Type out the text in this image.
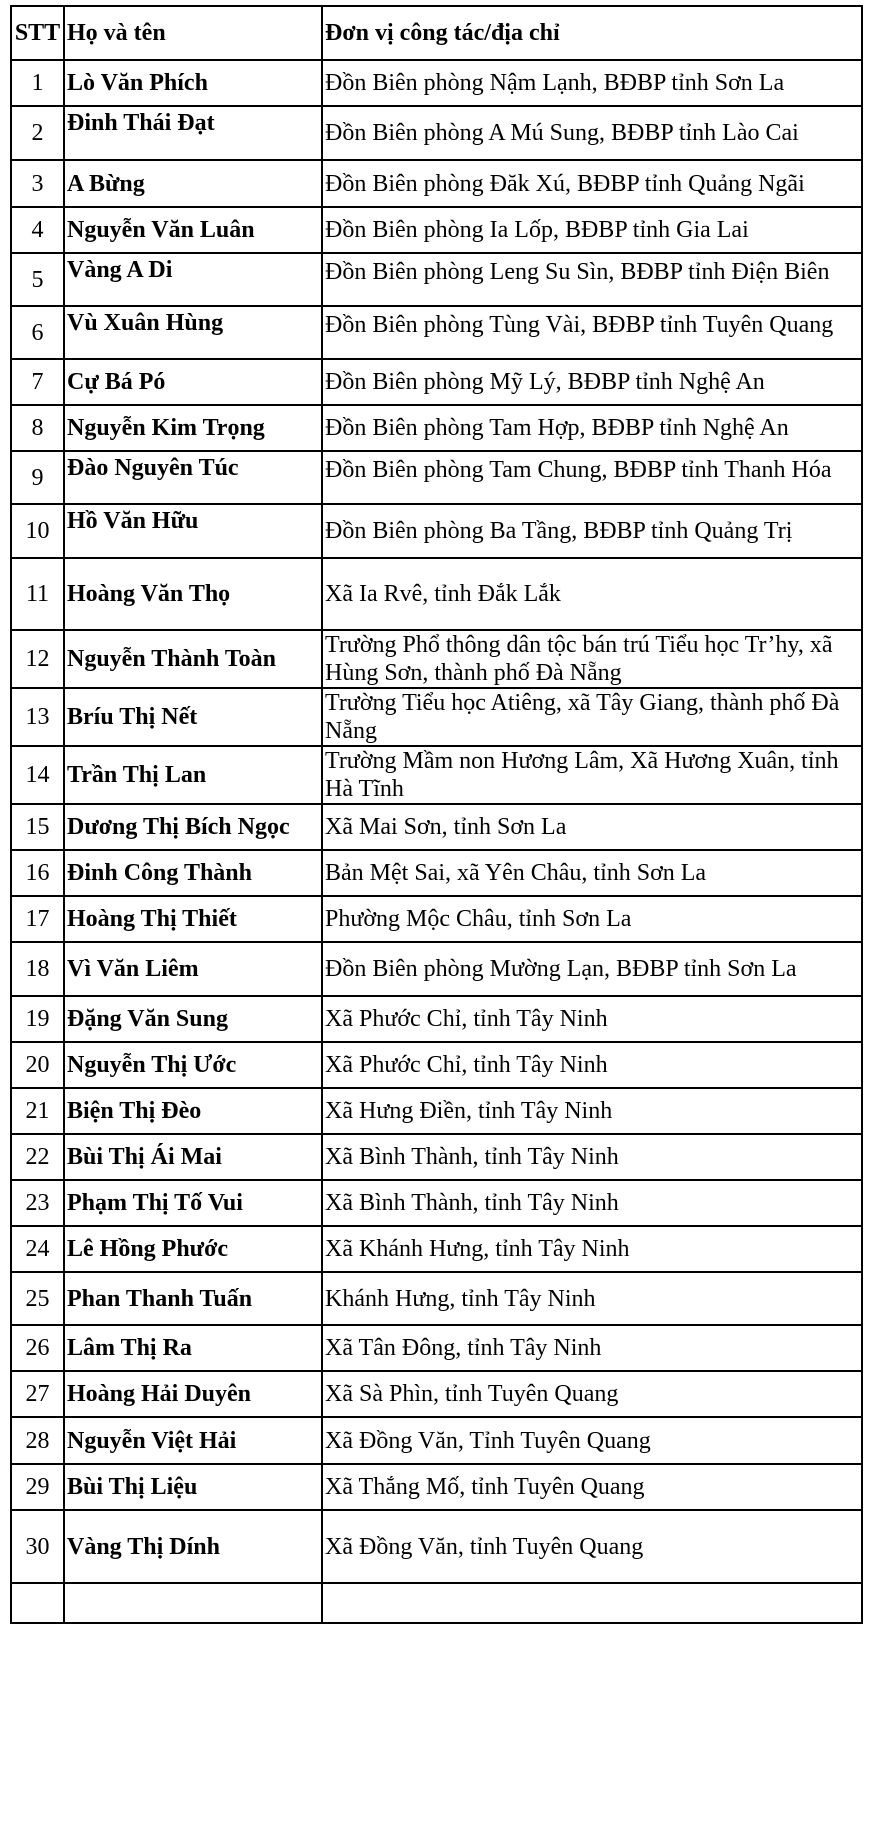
STT	Họ và tên	Đơn vị công tác/địa chỉ
1	Lò Văn Phích	Đồn Biên phòng Nậm Lạnh, BĐBP tỉnh Sơn La
2	Đinh Thái Đạt	Đồn Biên phòng A Mú Sung, BĐBP tỉnh Lào Cai
3	A Bừng	Đồn Biên phòng Đăk Xú, BĐBP tỉnh Quảng Ngãi
4	Nguyễn Văn Luân	Đồn Biên phòng Ia Lốp, BĐBP tỉnh Gia Lai
5	Vàng A Di	Đồn Biên phòng Leng Su Sìn, BĐBP tỉnh Điện Biên
6	Vù Xuân Hùng	Đồn Biên phòng Tùng Vài, BĐBP tỉnh Tuyên Quang
7	Cự Bá Pó	Đồn Biên phòng Mỹ Lý, BĐBP tỉnh Nghệ An
8	Nguyễn Kim Trọng	Đồn Biên phòng Tam Hợp, BĐBP tỉnh Nghệ An
9	Đào Nguyên Túc	Đồn Biên phòng Tam Chung, BĐBP tỉnh Thanh Hóa
10	Hồ Văn Hữu	Đồn Biên phòng Ba Tầng, BĐBP tỉnh Quảng Trị
11	Hoàng Văn Thọ	Xã Ia Rvê, tỉnh Đắk Lắk
12	Nguyễn Thành Toàn	Trường Phổ thông dân tộc bán trú Tiểu học Tr’hy, xã Hùng Sơn, thành phố Đà Nẵng
13	Bríu Thị Nết	Trường Tiểu học Atiêng, xã Tây Giang, thành phố Đà Nẵng
14	Trần Thị Lan	Trường Mầm non Hương Lâm, Xã Hương Xuân, tỉnh Hà Tĩnh
15	Dương Thị Bích Ngọc	Xã Mai Sơn, tỉnh Sơn La
16	Đinh Công Thành	Bản Mệt Sai, xã Yên Châu, tỉnh Sơn La
17	Hoàng Thị Thiết	Phường Mộc Châu, tỉnh Sơn La
18	Vì Văn Liêm	Đồn Biên phòng Mường Lạn, BĐBP tỉnh Sơn La
19	Đặng Văn Sung	Xã Phước Chỉ, tỉnh Tây Ninh
20	Nguyễn Thị Ước	Xã Phước Chỉ, tỉnh Tây Ninh
21	Biện Thị Đèo	Xã Hưng Điền, tỉnh Tây Ninh
22	Bùi Thị Ái Mai	Xã Bình Thành, tỉnh Tây Ninh
23	Phạm Thị Tố Vui	Xã Bình Thành, tỉnh Tây Ninh
24	Lê Hồng Phước	Xã Khánh Hưng, tỉnh Tây Ninh
25	Phan Thanh Tuấn	Khánh Hưng, tỉnh Tây Ninh
26	Lâm Thị Ra	Xã Tân Đông, tỉnh Tây Ninh
27	Hoàng Hải Duyên	Xã Sà Phìn, tỉnh Tuyên Quang
28	Nguyễn Việt Hải	Xã Đồng Văn, Tỉnh Tuyên Quang
29	Bùi Thị Liệu	Xã Thắng Mố, tỉnh Tuyên Quang
30	Vàng Thị Dính	Xã Đồng Văn, tỉnh Tuyên Quang
